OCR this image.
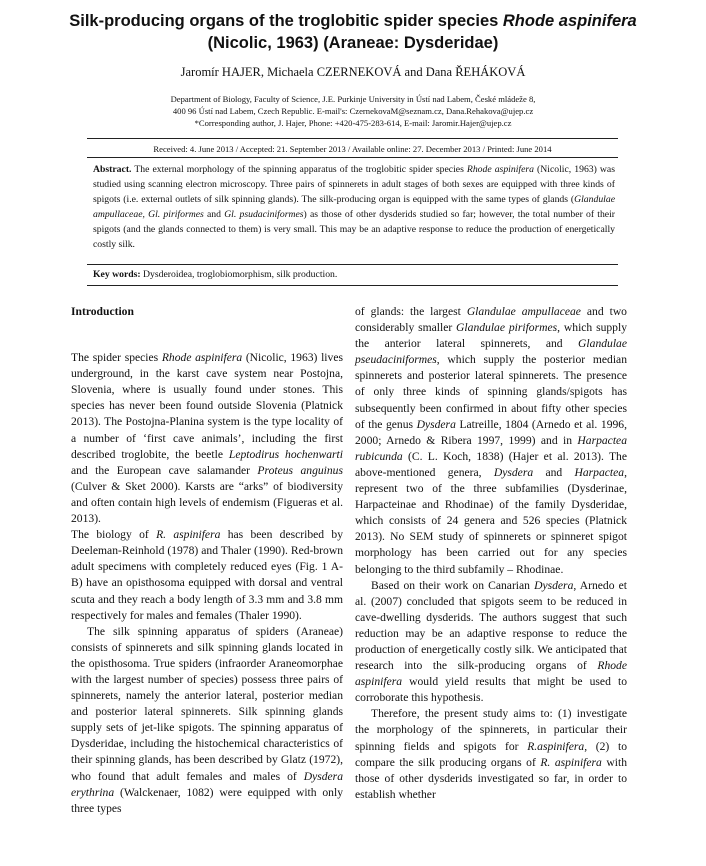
Silk-producing organs of the troglobitic spider species Rhode aspinifera
(Nicolic, 1963) (Araneae: Dysderidae)
Jaromír HAJER, Michaela CZERNEKOVÁ and Dana ŘEHÁKOVÁ
Department of Biology, Faculty of Science, J.E. Purkinje University in Ústí nad Labem, České mládeže 8,
400 96 Ústí nad Labem, Czech Republic. E-mail's: CzernekovaM@seznam.cz, Dana.Rehakova@ujep.cz
*Corresponding author, J. Hajer, Phone: +420-475-283-614, E-mail: Jaromir.Hajer@ujep.cz
Received: 4. June 2013 / Accepted: 21. September 2013 / Available online: 27. December 2013 / Printed: June 2014
Abstract. The external morphology of the spinning apparatus of the troglobitic spider species Rhode aspinifera (Nicolic, 1963) was studied using scanning electron microscopy. Three pairs of spinnerets in adult stages of both sexes are equipped with three kinds of spigots (i.e. external outlets of silk spinning glands). The silk-producing organ is equipped with the same types of glands (Glandulae ampullaceae, Gl. piriformes and Gl. psudaciniformes) as those of other dysderids studied so far; however, the total number of their spigots (and the glands connected to them) is very small. This may be an adaptive response to reduce the production of energetically costly silk.
Key words: Dysderoidea, troglobiomorphism, silk production.

Introduction

The spider species Rhode aspinifera (Nicolic, 1963) lives underground, in the karst cave system near Postojna, Slovenia, where is usually found under stones. This species has never been found outside Slovenia (Platnick 2013). The Postojna-Planina system is the type locality of a number of ‘first cave animals’, including the first described troglobite, the beetle Leptodirus hochenwarti and the European cave salamander Proteus anguinus (Culver & Sket 2000). Karsts are “arks” of biodiversity and often contain high levels of endemism (Figueras et al. 2013).

The biology of R. aspinifera has been described by Deeleman-Reinhold (1978) and Thaler (1990). Red-brown adult specimens with completely reduced eyes (Fig. 1 A-B) have an opisthosoma equipped with dorsal and ventral scuta and they reach a body length of 3.3 mm and 3.8 mm respectively for males and females (Thaler 1990).

The silk spinning apparatus of spiders (Araneae) consists of spinnerets and silk spinning glands located in the opisthosoma. True spiders (infraorder Araneomorphae with the largest number of species) possess three pairs of spinnerets, namely the anterior lateral, posterior median and posterior lateral spinnerets. Silk spinning glands supply sets of jet-like spigots. The spinning apparatus of Dysderidae, including the histochemical characteristics of their spinning glands, has been described by Glatz (1972), who found that adult females and males of Dysdera erythrina (Walckenaer, 1082) were equipped with only three types

of glands: the largest Glandulae ampullaceae and two considerably smaller Glandulae piriformes, which supply the anterior lateral spinnerets, and Glandulae pseudaciniformes, which supply the posterior median spinnerets and posterior lateral spinnerets. The presence of only three kinds of spinning glands/spigots has subsequently been confirmed in about fifty other species of the genus Dysdera Latreille, 1804 (Arnedo et al. 1996, 2000; Arnedo & Ribera 1997, 1999) and in Harpactea rubicunda (C. L. Koch, 1838) (Hajer et al. 2013). The above-mentioned genera, Dysdera and Harpactea, represent two of the three subfamilies (Dysderinae, Harpacteinae and Rhodinae) of the family Dysderidae, which consists of 24 genera and 526 species (Platnick 2013). No SEM study of spinnerets or spinneret spigot morphology has been carried out for any species belonging to the third subfamily – Rhodinae.

Based on their work on Canarian Dysdera, Arnedo et al. (2007) concluded that spigots seem to be reduced in cave-dwelling dysderids. The authors suggest that such reduction may be an adaptive response to reduce the production of energetically costly silk. We anticipated that research into the silk-producing organs of Rhode aspinifera would yield results that might be used to corroborate this hypothesis.

Therefore, the present study aims to: (1) investigate the morphology of the spinnerets, in particular their spinning fields and spigots for R.aspinifera, (2) to compare the silk producing organs of R. aspinifera with those of other dysderids investigated so far, in order to establish whether
